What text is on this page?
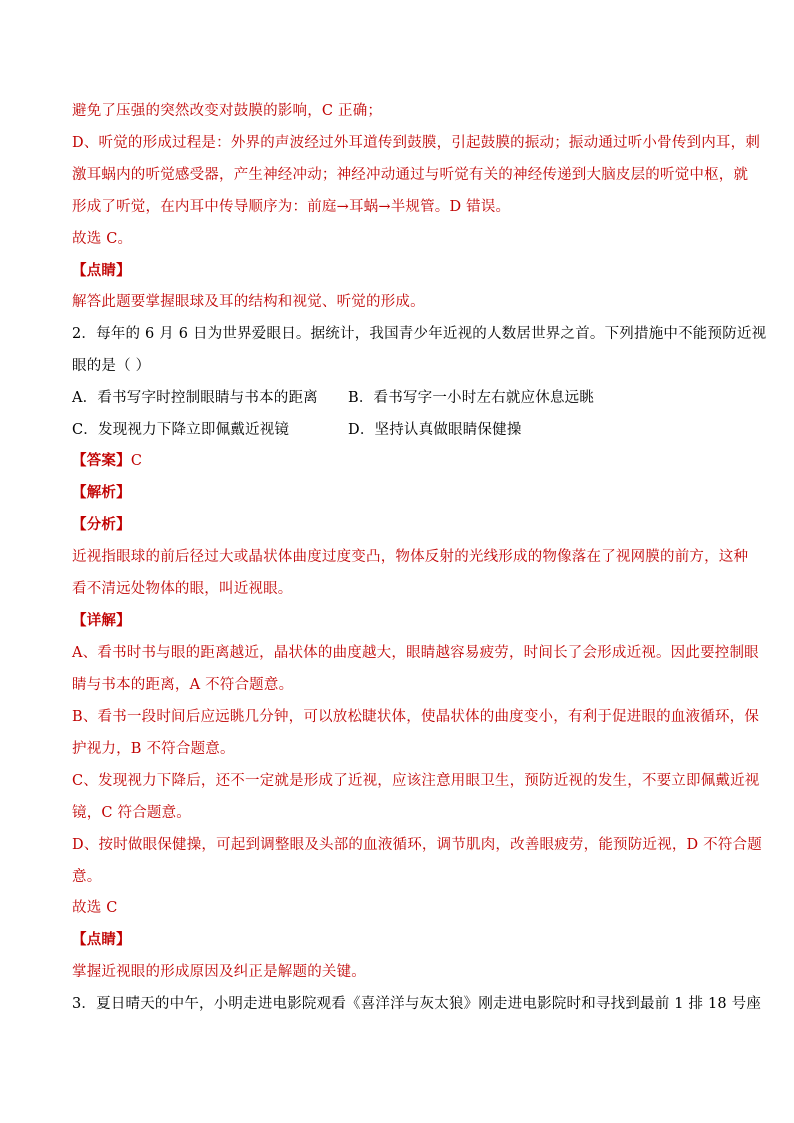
避免了压强的突然改变对鼓膜的影响，C 正确；
D、听觉的形成过程是：外界的声波经过外耳道传到鼓膜，引起鼓膜的振动；振动通过听小骨传到内耳，刺
激耳蜗内的听觉感受器，产生神经冲动；神经冲动通过与听觉有关的神经传递到大脑皮层的听觉中枢，就
形成了听觉，在内耳中传导顺序为：前庭→耳蜗→半规管。D 错误。
故选 C。
【点睛】
解答此题要掌握眼球及耳的结构和视觉、听觉的形成。
2．每年的 6 月 6 日为世界爱眼日。据统计，我国青少年近视的人数居世界之首。下列措施中不能预防近视
眼的是（ ）
A．看书写字时控制眼睛与书本的距离 B．看书写字一小时左右就应休息远眺
C．发现视力下降立即佩戴近视镜	D．坚持认真做眼睛保健操
【答案】C
【解析】
【分析】
近视指眼球的前后径过大或晶状体曲度过度变凸，物体反射的光线形成的物像落在了视网膜的前方，这种
看不清远处物体的眼，叫近视眼。
【详解】
A、看书时书与眼的距离越近，晶状体的曲度越大，眼睛越容易疲劳，时间长了会形成近视。因此要控制眼
睛与书本的距离，A 不符合题意。
B、看书一段时间后应远眺几分钟，可以放松睫状体，使晶状体的曲度变小，有利于促进眼的血液循环，保
护视力，B 不符合题意。
C、发现视力下降后，还不一定就是形成了近视，应该注意用眼卫生，预防近视的发生，不要立即佩戴近视
镜，C 符合题意。
D、按时做眼保健操，可起到调整眼及头部的血液循环，调节肌肉，改善眼疲劳，能预防近视，D 不符合题
意。
故选 C
【点睛】
掌握近视眼的形成原因及纠正是解题的关键。
3．夏日晴天的中午，小明走进电影院观看《喜洋洋与灰太狼》刚走进电影院时和寻找到最前 1 排 18 号座
